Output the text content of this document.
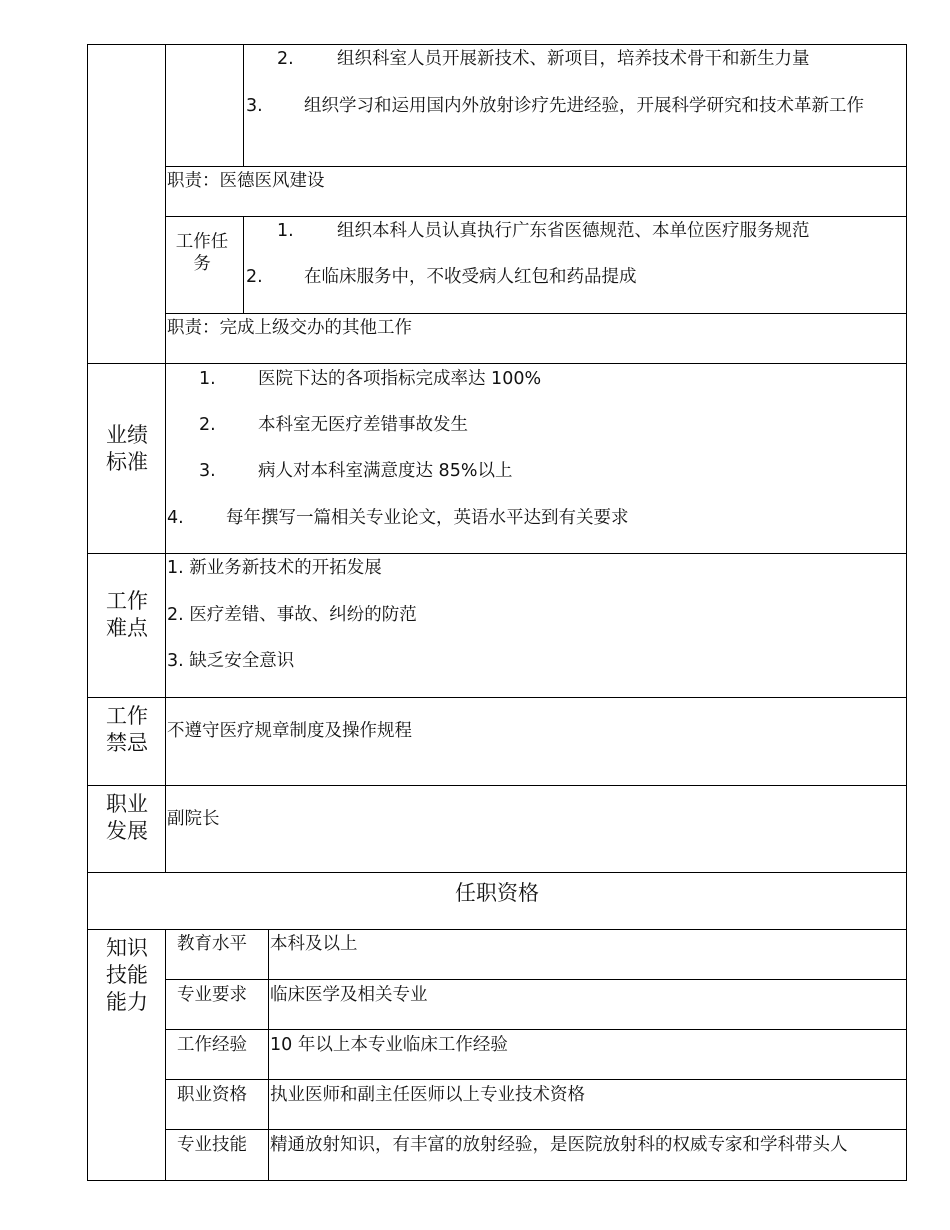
2. 组织科室人员开展新技术、新项目，培养技术骨干和新生力量
3.	组织学习和运用国内外放射诊疗先进经验，开展科学研究和技术革新工作
职责：医德医风建设
工作任务
1. 组织本科人员认真执行广东省医德规范、本单位医疗服务规范
2. 在临床服务中，不收受病人红包和药品提成
职责：完成上级交办的其他工作
业绩标准
1. 医院下达的各项指标完成率达 100%
2. 本科室无医疗差错事故发生
3. 病人对本科室满意度达 85%以上
4. 每年撰写一篇相关专业论文，英语水平达到有关要求
工作难点
1. 新业务新技术的开拓发展
2. 医疗差错、事故、纠纷的防范
3. 缺乏安全意识
工作禁忌	不遵守医疗规章制度及操作规程
职业发展	副院长
任职资格
知识技能能力
教育水平 本科及以上
专业要求 临床医学及相关专业
工作经验 10 年以上本专业临床工作经验
职业资格 执业医师和副主任医师以上专业技术资格
专业技能 精通放射知识，有丰富的放射经验，是医院放射科的权威专家和学科带头人
